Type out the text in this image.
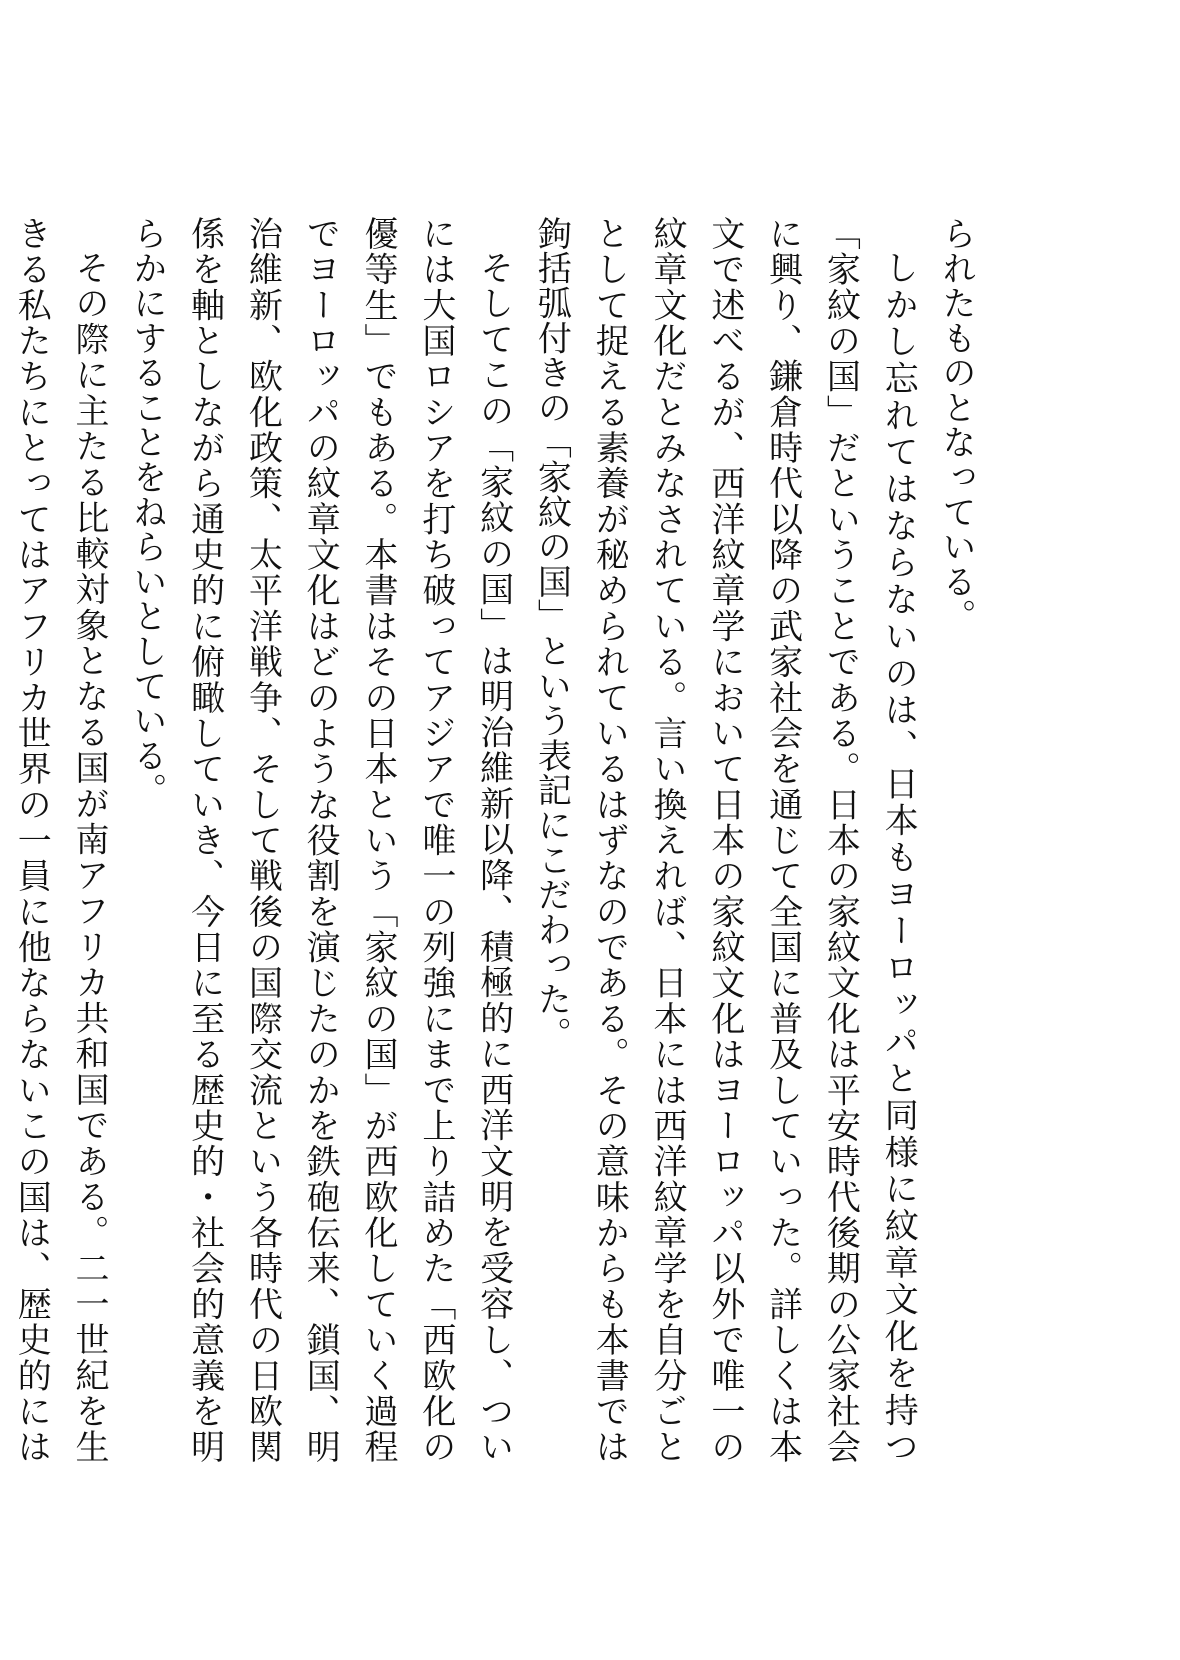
られたものとなっている。

しかし忘れてはならないのは、日本もヨーロッパと同様に紋章文化を持つ「家紋の国」だということである。日本の家紋文化は平安時代後期の公家社会に興り、鎌倉時代以降の武家社会を通じて全国に普及していった。詳しくは本文で述べるが、西洋紋章学において日本の家紋文化はヨーロッパ以外で唯一の紋章文化だとみなされている。言い換えれば、日本には西洋紋章学を自分ごととして捉える素養が秘められているはずなのである。その意味からも本書では鉤括弧付きの「家紋の国」という表記にこだわった。

そしてこの「家紋の国」は明治維新以降、積極的に西洋文明を受容し、ついには大国ロシアを打ち破ってアジアで唯一の列強にまで上り詰めた「西欧化の優等生」でもある。本書はその日本という「家紋の国」が西欧化していく過程でヨーロッパの紋章文化はどのような役割を演じたのかを鉄砲伝来、鎖国、明治維新、欧化政策、太平洋戦争、そして戦後の国際交流という各時代の日欧関係を軸としながら通史的に俯瞰していき、今日に至る歴史的・社会的意義を明らかにすることをねらいとしている。

その際に主たる比較対象となる国が南アフリカ共和国である。二一世紀を生きる私たちにとってはアフリカ世界の一員に他ならないこの国は、歴史的には
